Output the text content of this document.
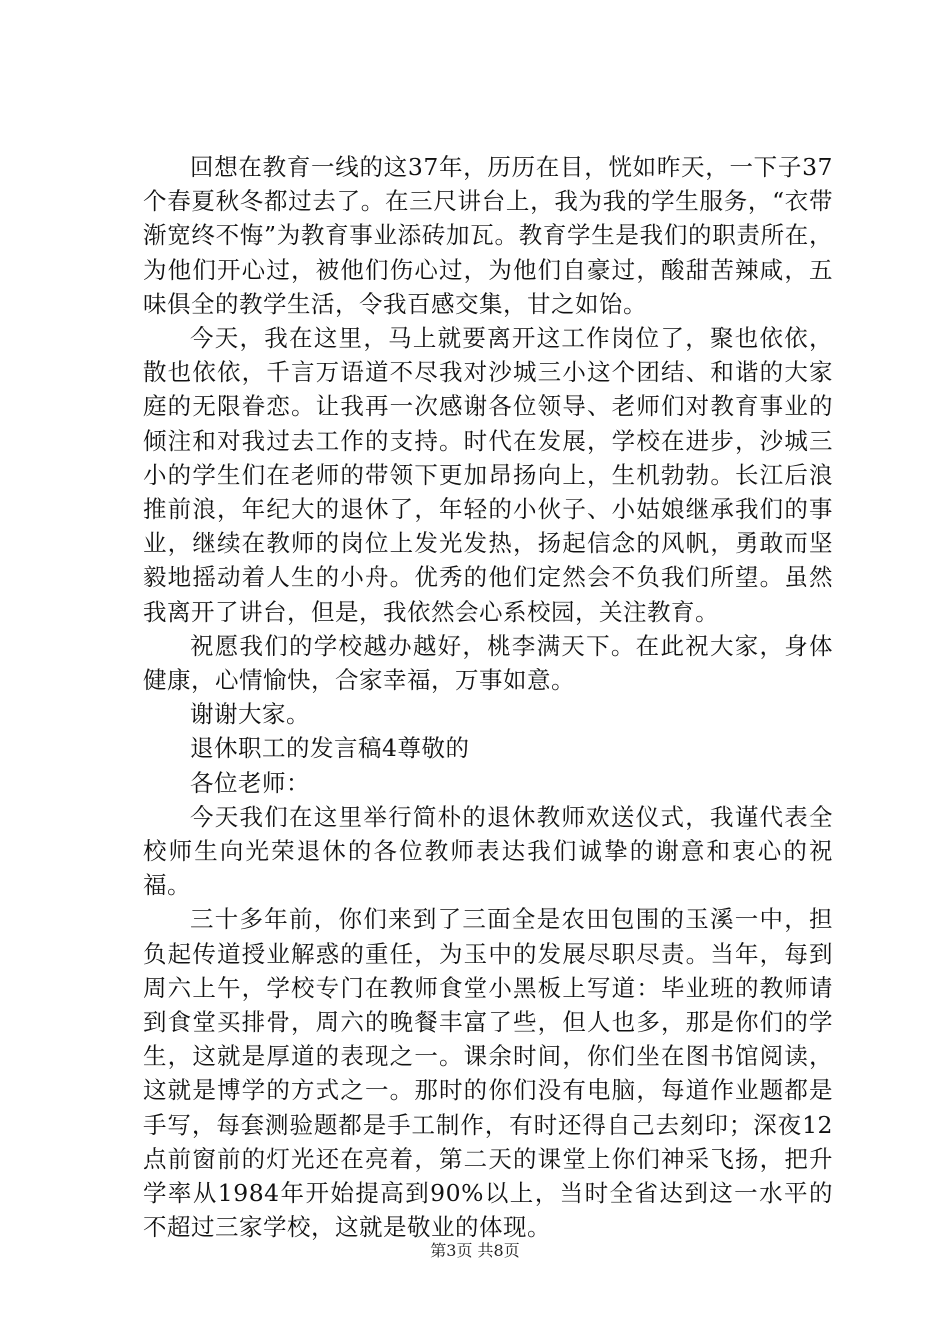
回想在教育一线的这37年，历历在目，恍如昨天，一下子37个春夏秋冬都过去了。在三尺讲台上，我为我的学生服务，“衣带渐宽终不悔”为教育事业添砖加瓦。教育学生是我们的职责所在，为他们开心过，被他们伤心过，为他们自豪过，酸甜苦辣咸，五味俱全的教学生活，令我百感交集，甘之如饴。

今天，我在这里，马上就要离开这工作岗位了，聚也依依，散也依依，千言万语道不尽我对沙城三小这个团结、和谐的大家庭的无限眷恋。让我再一次感谢各位领导、老师们对教育事业的倾注和对我过去工作的支持。时代在发展，学校在进步，沙城三小的学生们在老师的带领下更加昂扬向上，生机勃勃。长江后浪推前浪，年纪大的退休了，年轻的小伙子、小姑娘继承我们的事业，继续在教师的岗位上发光发热，扬起信念的风帆，勇敢而坚毅地摇动着人生的小舟。优秀的他们定然会不负我们所望。虽然我离开了讲台，但是，我依然会心系校园，关注教育。

祝愿我们的学校越办越好，桃李满天下。在此祝大家，身体健康，心情愉快，合家幸福，万事如意。

谢谢大家。

退休职工的发言稿4尊敬的

各位老师：

今天我们在这里举行简朴的退休教师欢送仪式，我谨代表全校师生向光荣退休的各位教师表达我们诚挚的谢意和衷心的祝福。

三十多年前，你们来到了三面全是农田包围的玉溪一中，担负起传道授业解惑的重任，为玉中的发展尽职尽责。当年，每到周六上午，学校专门在教师食堂小黑板上写道：毕业班的教师请到食堂买排骨，周六的晚餐丰富了些，但人也多，那是你们的学生，这就是厚道的表现之一。课余时间，你们坐在图书馆阅读，这就是博学的方式之一。那时的你们没有电脑，每道作业题都是手写，每套测验题都是手工制作，有时还得自己去刻印；深夜12点前窗前的灯光还在亮着，第二天的课堂上你们神采飞扬，把升学率从1984年开始提高到90%以上，当时全省达到这一水平的不超过三家学校，这就是敬业的体现。

第3页 共8页
